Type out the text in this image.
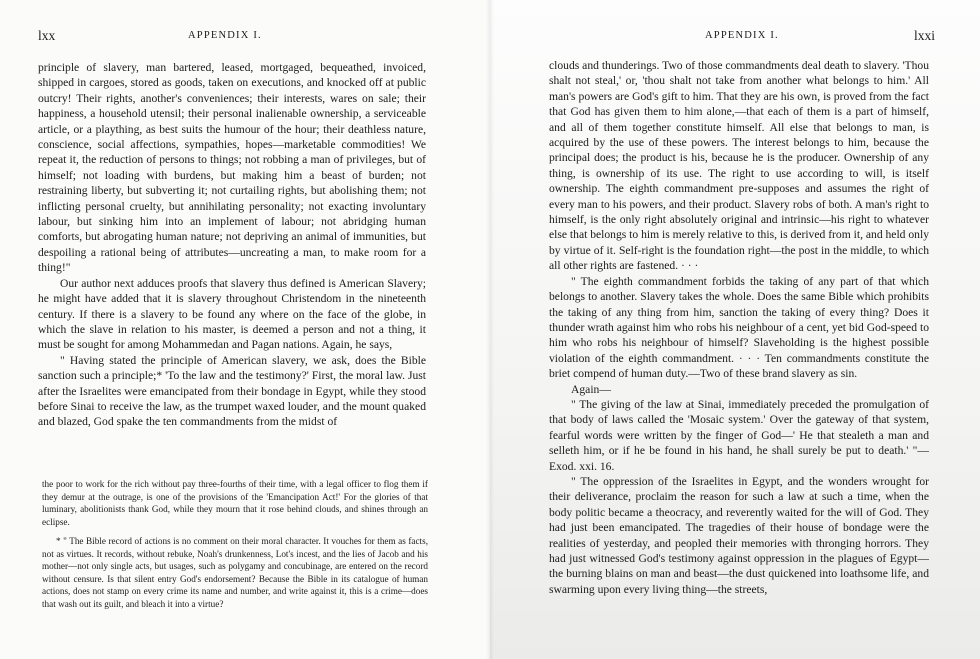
lxx	APPENDIX I.

principle of slavery, man bartered, leased, mortgaged, bequeathed, invoiced, shipped in cargoes, stored as goods, taken on executions, and knocked off at public outcry! Their rights, another's conveniences; their interests, wares on sale; their happiness, a household utensil; their personal inalienable ownership, a serviceable article, or a plaything, as best suits the humour of the hour; their deathless nature, conscience, social affections, sympathies, hopes—marketable commodities! We repeat it, the reduction of persons to things; not robbing a man of privileges, but of himself; not loading with burdens, but making him a beast of burden; not restraining liberty, but subverting it; not curtailing rights, but abolishing them; not inflicting personal cruelty, but annihilating personality; not exacting involuntary labour, but sinking him into an implement of labour; not abridging human comforts, but abrogating human nature; not depriving an animal of immunities, but despoiling a rational being of attributes—uncreating a man, to make room for a thing!"

Our author next adduces proofs that slavery thus defined is American Slavery; he might have added that it is slavery throughout Christendom in the nineteenth century. If there is a slavery to be found any where on the face of the globe, in which the slave in relation to his master, is deemed a person and not a thing, it must be sought for among Mohammedan and Pagan nations. Again, he says,

" Having stated the principle of American slavery, we ask, does the Bible sanction such a principle;* 'To the law and the testimony?' First, the moral law. Just after the Israelites were emancipated from their bondage in Egypt, while they stood before Sinai to receive the law, as the trumpet waxed louder, and the mount quaked and blazed, God spake the ten commandments from the midst of

the poor to work for the rich without pay three-fourths of their time, with a legal officer to flog them if they demur at the outrage, is one of the provisions of the 'Emancipation Act!' For the glories of that luminary, abolitionists thank God, while they mourn that it rose behind clouds, and shines through an eclipse.

* " The Bible record of actions is no comment on their moral character. It vouches for them as facts, not as virtues. It records, without rebuke, Noah's drunkenness, Lot's incest, and the lies of Jacob and his mother—not only single acts, but usages, such as polygamy and concubinage, are entered on the record without censure. Is that silent entry God's endorsement? Because the Bible in its catalogue of human actions, does not stamp on every crime its name and number, and write against it, this is a crime—does that wash out its guilt, and bleach it into a virtue?

APPENDIX I.	lxxi

clouds and thunderings. Two of those commandments deal death to slavery. 'Thou shalt not steal,' or, 'thou shalt not take from another what belongs to him.' All man's powers are God's gift to him. That they are his own, is proved from the fact that God has given them to him alone,—that each of them is a part of himself, and all of them together constitute himself. All else that belongs to man, is acquired by the use of these powers. The interest belongs to him, because the principal does; the product is his, because he is the producer. Ownership of any thing, is ownership of its use. The right to use according to will, is itself ownership. The eighth commandment pre-supposes and assumes the right of every man to his powers, and their product. Slavery robs of both. A man's right to himself, is the only right absolutely original and intrinsic—his right to whatever else that belongs to him is merely relative to this, is derived from it, and held only by virtue of it. Self-right is the foundation right—the post in the middle, to which all other rights are fastened. · · ·

" The eighth commandment forbids the taking of any part of that which belongs to another. Slavery takes the whole. Does the same Bible which prohibits the taking of any thing from him, sanction the taking of every thing? Does it thunder wrath against him who robs his neighbour of a cent, yet bid God-speed to him who robs his neighbour of himself? Slaveholding is the highest possible violation of the eighth commandment. · · · Ten commandments constitute the briet compend of human duty.—Two of these brand slavery as sin.

Again—

" The giving of the law at Sinai, immediately preceded the promulgation of that body of laws called the 'Mosaic system.' Over the gateway of that system, fearful words were written by the finger of God—' He that stealeth a man and selleth him, or if he be found in his hand, he shall surely be put to death.' "—Exod. xxi. 16.

" The oppression of the Israelites in Egypt, and the wonders wrought for their deliverance, proclaim the reason for such a law at such a time, when the body politic became a theocracy, and reverently waited for the will of God. They had just been emancipated. The tragedies of their house of bondage were the realities of yesterday, and peopled their memories with thronging horrors. They had just witnessed God's testimony against oppression in the plagues of Egypt—the burning blains on man and beast—the dust quickened into loathsome life, and swarming upon every living thing—the streets,
